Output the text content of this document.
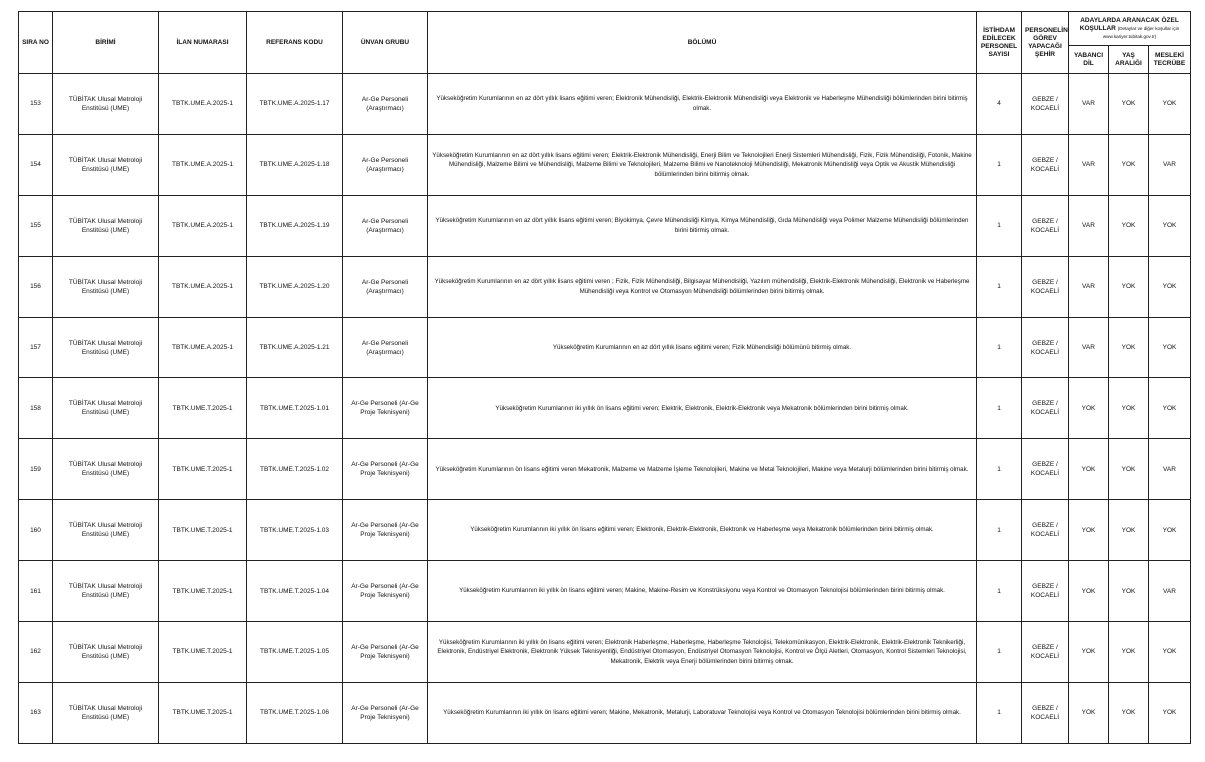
SIRA NO	BİRİMİ	İLAN NUMARASI	REFERANS KODU	ÜNVAN GRUBU	BÖLÜMÜ	İSTİHDAM EDİLECEK PERSONEL SAYISI	PERSONELİN GÖREV YAPACAĞI ŞEHİR	ADAYLARDA ARANACAK ÖZEL KOŞULLAR (Detaylar ve diğer koşullar için www.kariyer.tubitak.gov.tr)		
								YABANCI DİL	YAŞ ARALIĞI	MESLEKİ TECRÜBE
153	TÜBİTAK Ulusal Metroloji Enstitüsü (UME)	TBTK.UME.A.2025-1	TBTK.UME.A.2025-1.17	Ar-Ge Personeli (Araştırmacı)	Yükseköğretim Kurumlarının en az dört yıllık lisans eğitimi veren; Elektronik Mühendisliği, Elektrik-Elektronik Mühendisliği veya Elektronik ve Haberleşme Mühendisliği bölümlerinden birini bitirmiş olmak.	4	GEBZE / KOCAELİ	VAR	YOK	YOK
154	TÜBİTAK Ulusal Metroloji Enstitüsü (UME)	TBTK.UME.A.2025-1	TBTK.UME.A.2025-1.18	Ar-Ge Personeli (Araştırmacı)	Yükseköğretim Kurumlarının en az dört yıllık lisans eğitimi veren; Elektrik-Elektronik Mühendisliği, Enerji Bilim ve Teknolojileri Enerji Sistemleri Mühendisliği, Fizik, Fizik Mühendisliği, Fotonik, Makine Mühendisliği, Malzeme Bilimi ve Mühendisliği, Malzeme Bilimi ve Teknolojileri, Malzeme Bilimi ve Nanoteknoloji Mühendisliği, Mekatronik Mühendisliği veya Optik ve Akustik Mühendisliği bölümlerinden birini bitirmiş olmak.	1	GEBZE / KOCAELİ	VAR	YOK	VAR
155	TÜBİTAK Ulusal Metroloji Enstitüsü (UME)	TBTK.UME.A.2025-1	TBTK.UME.A.2025-1.19	Ar-Ge Personeli (Araştırmacı)	Yükseköğretim Kurumlarının en az dört yıllık lisans eğitimi veren; Biyokimya, Çevre Mühendisliği Kimya, Kimya Mühendisliği, Gıda Mühendisliği veya Polimer Malzeme Mühendisliği bölümlerinden birini bitirmiş olmak.	1	GEBZE / KOCAELİ	VAR	YOK	YOK
156	TÜBİTAK Ulusal Metroloji Enstitüsü (UME)	TBTK.UME.A.2025-1	TBTK.UME.A.2025-1.20	Ar-Ge Personeli (Araştırmacı)	Yükseköğretim Kurumlarının en az dört yıllık lisans eğitimi veren ; Fizik, Fizik Mühendisliği, Bilgisayar Mühendisliği, Yazılım mühendisliği, Elektrik-Elektronik Mühendisliği, Elektronik ve Haberleşme Mühendisliği veya Kontrol ve Otomasyon Mühendisliği bölümlerinden birini bitirmiş olmak.	1	GEBZE / KOCAELİ	VAR	YOK	YOK
157	TÜBİTAK Ulusal Metroloji Enstitüsü (UME)	TBTK.UME.A.2025-1	TBTK.UME.A.2025-1.21	Ar-Ge Personeli (Araştırmacı)	Yükseköğretim Kurumlarının en az dört yıllık lisans eğitimi veren; Fizik Mühendisliği bölümünü bitirmiş olmak.	1	GEBZE / KOCAELİ	VAR	YOK	YOK
158	TÜBİTAK Ulusal Metroloji Enstitüsü (UME)	TBTK.UME.T.2025-1	TBTK.UME.T.2025-1.01	Ar-Ge Personeli (Ar-Ge Proje Teknisyeni)	Yükseköğretim Kurumlarının iki yıllık ön lisans eğitimi veren; Elektrik, Elektronik, Elektrik-Elektronik veya Mekatronik bölümlerinden birini bitirmiş olmak.	1	GEBZE / KOCAELİ	YOK	YOK	YOK
159	TÜBİTAK Ulusal Metroloji Enstitüsü (UME)	TBTK.UME.T.2025-1	TBTK.UME.T.2025-1.02	Ar-Ge Personeli (Ar-Ge Proje Teknisyeni)	Yükseköğretim Kurumlarının ön lisans eğitimi veren Mekatronik, Malzeme ve Malzeme İşleme Teknolojileri, Makine ve Metal Teknolojileri, Makine veya Metalurji bölümlerinden birini bitirmiş olmak.	1	GEBZE / KOCAELİ	YOK	YOK	VAR
160	TÜBİTAK Ulusal Metroloji Enstitüsü (UME)	TBTK.UME.T.2025-1	TBTK.UME.T.2025-1.03	Ar-Ge Personeli (Ar-Ge Proje Teknisyeni)	Yükseköğretim Kurumlarının iki yıllık ön lisans eğitimi veren; Elektronik, Elektrik-Elektronik, Elektronik ve Haberleşme veya Mekatronik bölümlerinden birini bitirmiş olmak.	1	GEBZE / KOCAELİ	YOK	YOK	YOK
161	TÜBİTAK Ulusal Metroloji Enstitüsü (UME)	TBTK.UME.T.2025-1	TBTK.UME.T.2025-1.04	Ar-Ge Personeli (Ar-Ge Proje Teknisyeni)	Yükseköğretim Kurumlarının iki yıllık ön lisans eğitimi veren; Makine, Makine-Resim ve Konstrüksiyonu veya Kontrol ve Otomasyon Teknolojisi bölümlerinden birini bitirmiş olmak.	1	GEBZE / KOCAELİ	YOK	YOK	VAR
162	TÜBİTAK Ulusal Metroloji Enstitüsü (UME)	TBTK.UME.T.2025-1	TBTK.UME.T.2025-1.05	Ar-Ge Personeli (Ar-Ge Proje Teknisyeni)	Yükseköğretim Kurumlarının iki yıllık ön lisans eğitimi veren; Elektronik Haberleşme, Haberleşme, Haberleşme Teknolojisi, Telekomünikasyon, Elektrik-Elektronik, Elektrik-Elektronik Teknikerliği, Elektronik, Endüstriyel Elektronik, Elektronik Yüksek Teknisyenliği, Endüstriyel Otomasyon, Endüstriyel Otomasyon Teknolojisi, Kontrol ve Ölçü Aletleri, Otomasyon, Kontrol Sistemleri Teknolojisi, Mekatronik, Elektrik veya Enerji bölümlerinden birini bitirmiş olmak.	1	GEBZE / KOCAELİ	YOK	YOK	YOK
163	TÜBİTAK Ulusal Metroloji Enstitüsü (UME)	TBTK.UME.T.2025-1	TBTK.UME.T.2025-1.06	Ar-Ge Personeli (Ar-Ge Proje Teknisyeni)	Yükseköğretim Kurumlarının iki yıllık ön lisans eğitimi veren; Makine, Mekatronik, Metalurji, Laboratuvar Teknolojisi veya Kontrol ve Otomasyon Teknolojisi bölümlerinden birini bitirmiş olmak.	1	GEBZE / KOCAELİ	YOK	YOK	YOK
